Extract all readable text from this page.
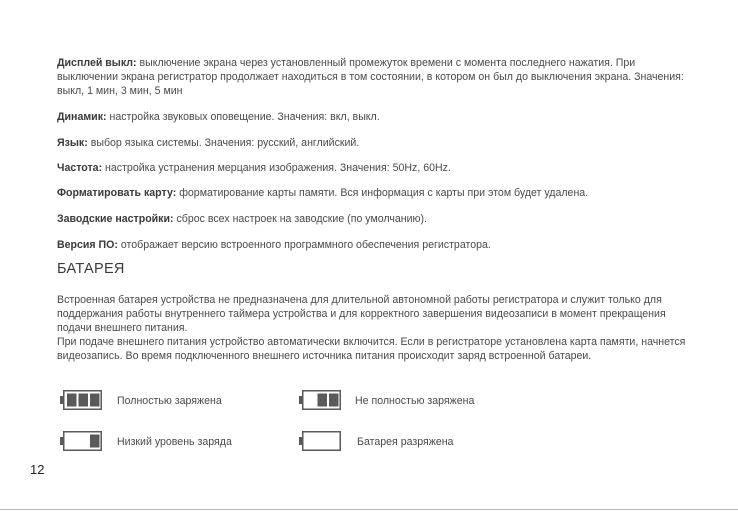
Дисплей выкл: выключение экрана через установленный промежуток времени с момента последнего нажатия. При выключении экрана регистратор продолжает находиться в том состоянии, в котором он был до выключения экрана. Значения: выкл, 1 мин, 3 мин, 5 мин

Динамик: настройка звуковых оповещение. Значения: вкл, выкл.

Язык: выбор языка системы. Значения: русский, английский.

Частота: настройка устранения мерцания изображения. Значения: 50Hz, 60Hz.

Форматировать карту: форматирование карты памяти. Вся информация с карты при этом будет удалена.

Заводские настройки: сброс всех настроек на заводские (по умолчанию).

Версия ПО: отображает версию встроенного программного обеспечения регистратора.

БАТАРЕЯ

Встроенная батарея устройства не предназначена для длительной автономной работы регистратора и служит только для поддержания работы внутреннего таймера устройства и для корректного завершения видеозаписи в момент прекращения подачи внешнего питания.

При подаче внешнего питания устройство автоматически включится. Если в регистраторе установлена карта памяти, начнется видеозапись. Во время подключенного внешнего источника питания происходит заряд встроенной батареи.

Полностью заряжена	Не полностью заряжена
Низкий уровень заряда	Батарея разряжена
12
